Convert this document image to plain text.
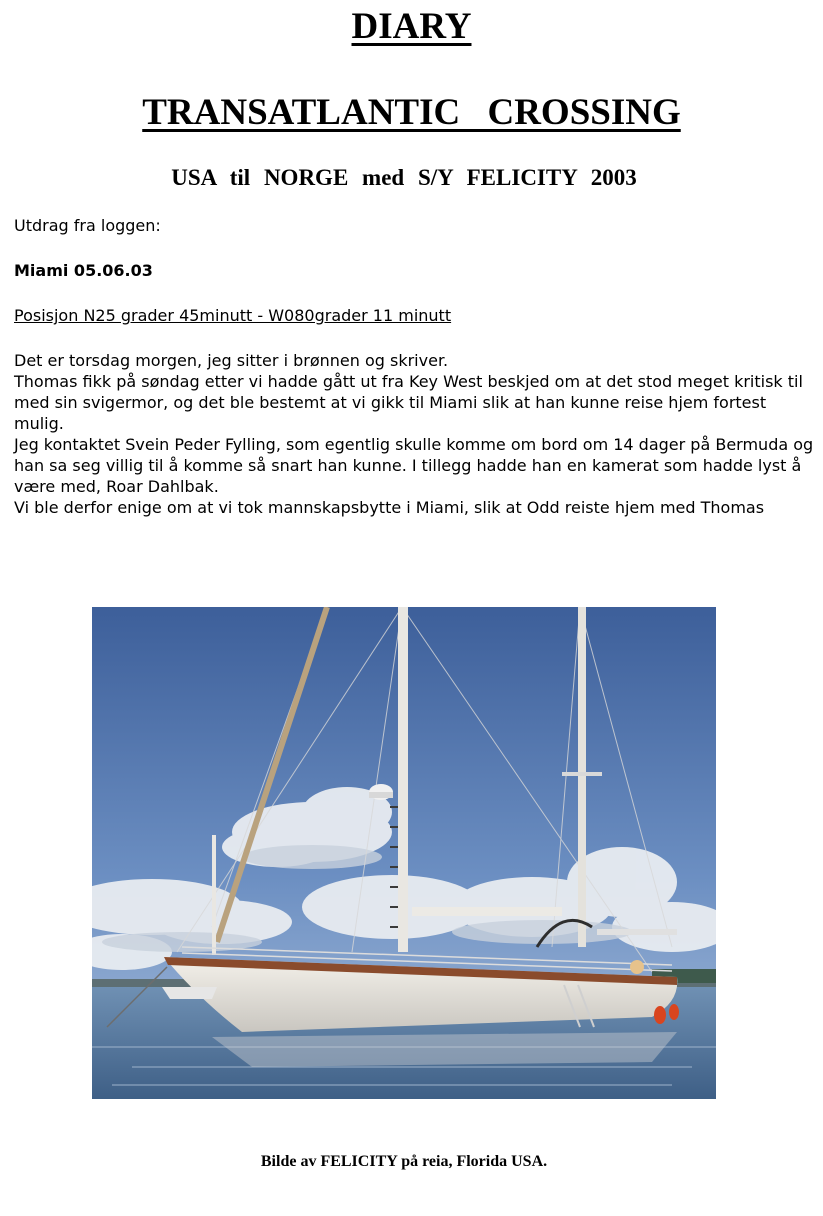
DIARY
TRANSATLANTIC CROSSING
USA til NORGE med S/Y FELICITY 2003
Utdrag fra loggen:
Miami 05.06.03
Posisjon N25 grader 45minutt - W080grader 11 minutt

Det er torsdag morgen, jeg sitter i brønnen og skriver.

Thomas fikk på søndag etter vi hadde gått ut fra Key West beskjed om at det stod meget kritisk til med sin svigermor, og det ble bestemt at vi gikk til Miami slik at han kunne reise hjem fortest mulig.

Jeg kontaktet Svein Peder Fylling, som egentlig skulle komme om bord om 14 dager på Bermuda og han sa seg villig til å komme så snart han kunne. I tillegg hadde han en kamerat som hadde lyst å være med, Roar Dahlbak.

Vi ble derfor enige om at vi tok mannskapsbytte i Miami, slik at Odd reiste hjem med Thomas

Bilde av FELICITY på reia, Florida USA.
